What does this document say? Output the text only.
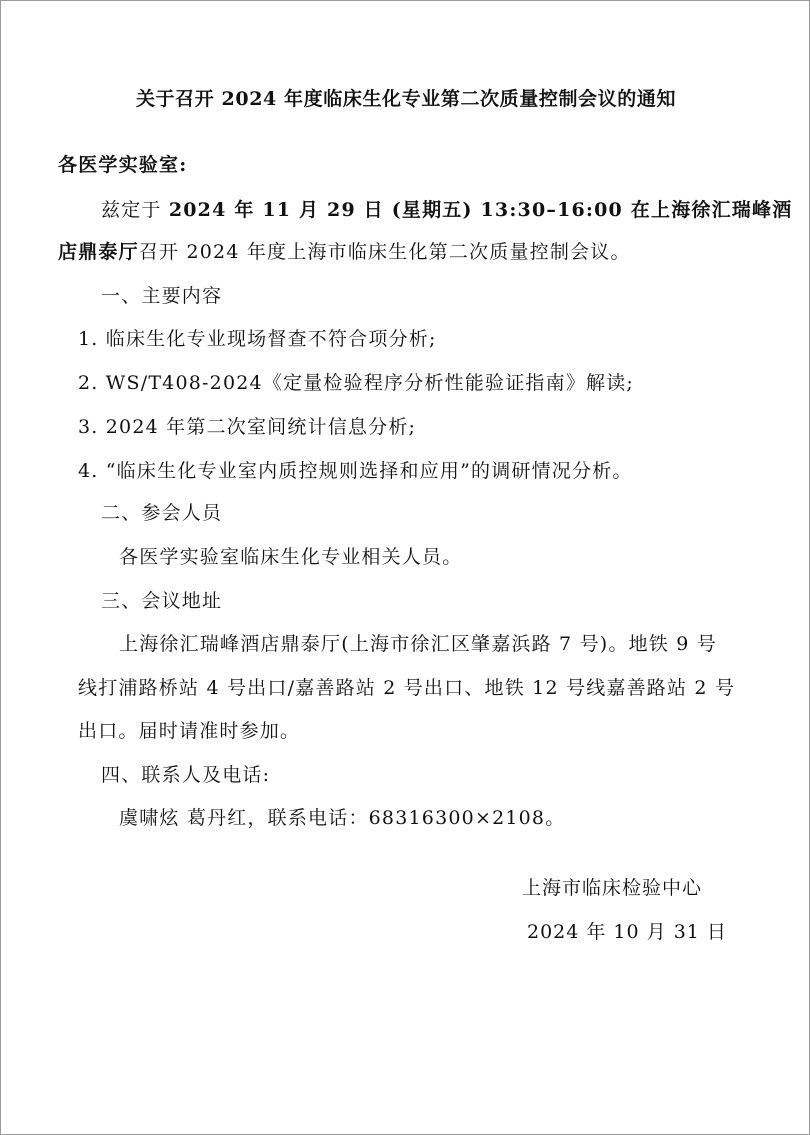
关于召开 2024 年度临床生化专业第二次质量控制会议的通知
各医学实验室:
兹定于 2024 年 11 月 29 日 (星期五) 13:30–16:00 在上海徐汇瑞峰酒
店鼎泰厅召开 2024 年度上海市临床生化第二次质量控制会议。
一、主要内容
1. 临床生化专业现场督查不符合项分析;
2. WS/T408-2024《定量检验程序分析性能验证指南》解读;
3. 2024 年第二次室间统计信息分析;
4. “临床生化专业室内质控规则选择和应用”的调研情况分析。
二、参会人员
各医学实验室临床生化专业相关人员。
三、会议地址
上海徐汇瑞峰酒店鼎泰厅(上海市徐汇区肇嘉浜路 7 号)。地铁 9 号
线打浦路桥站 4 号出口/嘉善路站 2 号出口、地铁 12 号线嘉善路站 2 号
出口。届时请准时参加。
四、联系人及电话:
虞啸炫 葛丹红，联系电话：68316300×2108。
上海市临床检验中心
2024 年 10 月 31 日
